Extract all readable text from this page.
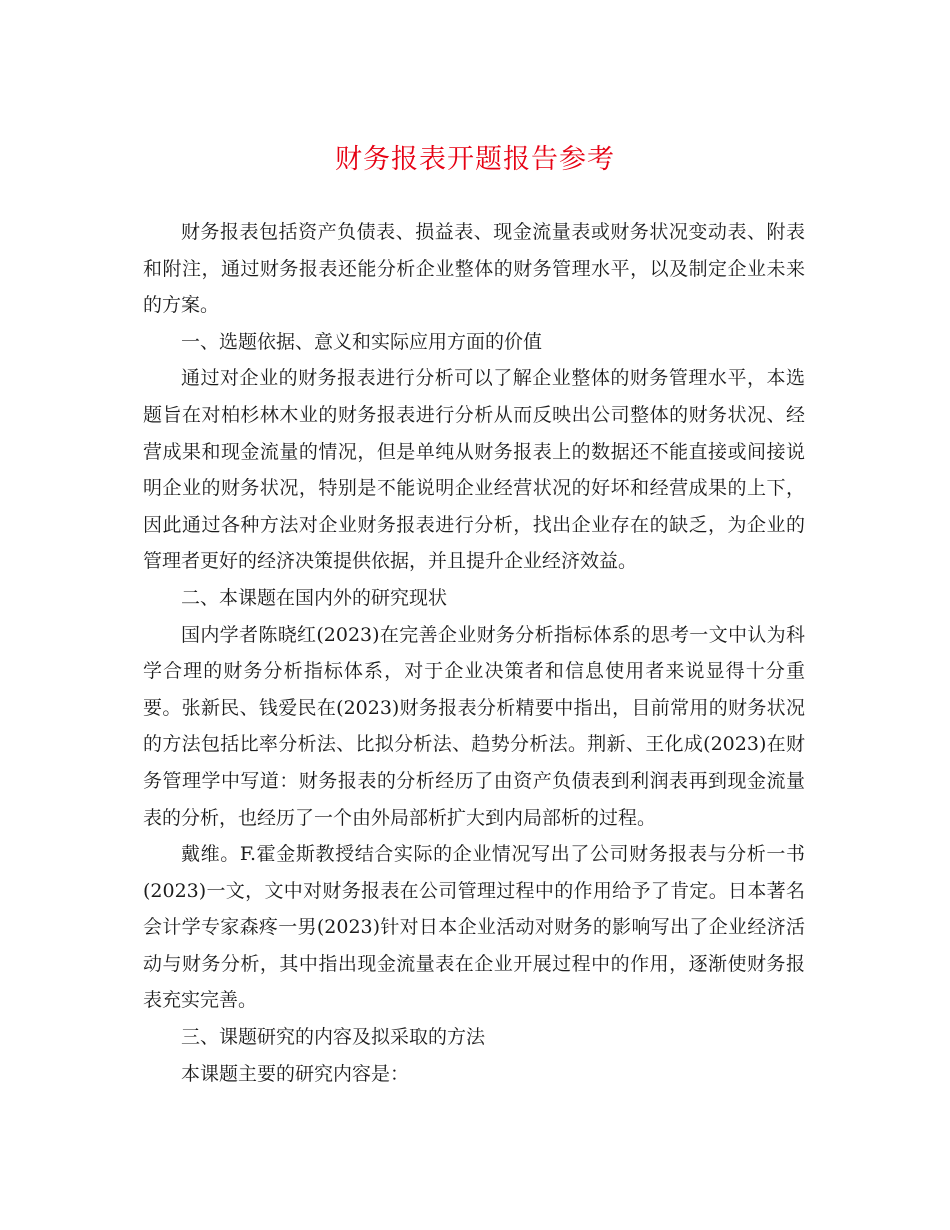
财务报表开题报告参考

财务报表包括资产负债表、损益表、现金流量表或财务状况变动表、附表和附注，通过财务报表还能分析企业整体的财务管理水平，以及制定企业未来的方案。

一、选题依据、意义和实际应用方面的价值

通过对企业的财务报表进行分析可以了解企业整体的财务管理水平，本选题旨在对柏杉林木业的财务报表进行分析从而反映出公司整体的财务状况、经营成果和现金流量的情况，但是单纯从财务报表上的数据还不能直接或间接说明企业的财务状况，特别是不能说明企业经营状况的好坏和经营成果的上下，因此通过各种方法对企业财务报表进行分析，找出企业存在的缺乏，为企业的管理者更好的经济决策提供依据，并且提升企业经济效益。

二、本课题在国内外的研究现状

国内学者陈晓红(2023)在完善企业财务分析指标体系的思考一文中认为科学合理的财务分析指标体系，对于企业决策者和信息使用者来说显得十分重要。张新民、钱爱民在(2023)财务报表分析精要中指出，目前常用的财务状况的方法包括比率分析法、比拟分析法、趋势分析法。荆新、王化成(2023)在财务管理学中写道：财务报表的分析经历了由资产负债表到利润表再到现金流量表的分析，也经历了一个由外局部析扩大到内局部析的过程。

戴维。F.霍金斯教授结合实际的企业情况写出了公司财务报表与分析一书(2023)一文，文中对财务报表在公司管理过程中的作用给予了肯定。日本著名会计学专家森疼一男(2023)针对日本企业活动对财务的影响写出了企业经济活动与财务分析，其中指出现金流量表在企业开展过程中的作用，逐渐使财务报表充实完善。

三、课题研究的内容及拟采取的方法

本课题主要的研究内容是：
